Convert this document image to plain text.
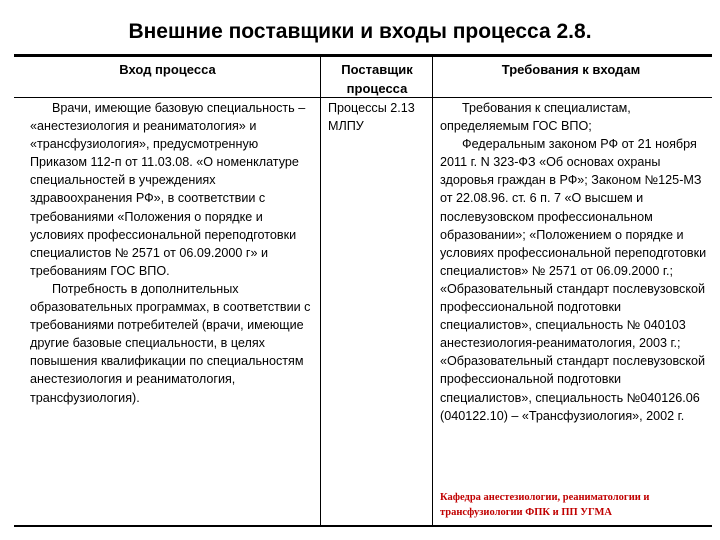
Внешние поставщики и входы процесса 2.8.
Вход процесса	Поставщик процесса
Требования к входам

Врачи, имеющие базовую специальность – «анестезиология и реаниматология» и «трансфузиология», предусмотренную Приказом 112-п от 11.03.08. «О номенклатуре специальностей в учреждениях здравоохранения РФ», в соответствии с требованиями «Положения о порядке и условиях профессиональной переподготовки специалистов № 2571 от 06.09.2000 г» и требованиям ГОС ВПО.

Потребность в дополнительных образовательных программах, в соответствии с требованиями потребителей (врачи, имеющие другие базовые специальности, в целях повышения квалификации по специальностям анестезиология и реаниматология, трансфузиология).

Процессы 2.13 МЛПУ

Требования к специалистам, определяемым ГОС ВПО;

Федеральным законом РФ от 21 ноября 2011 г. N 323-ФЗ «Об основах охраны здоровья граждан в РФ»; Законом №125-МЗ от 22.08.96. ст. 6 п. 7 «О высшем и послевузовском профессиональном образовании»; «Положением о порядке и условиях профессиональной переподготовки специалистов» № 2571 от 06.09.2000 г.; «Образовательный стандарт послевузовской профессиональной подготовки специалистов», специальность № 040103 анестезиология-реаниматология, 2003 г.; «Образовательный стандарт послевузовской профессиональной подготовки специалистов», специальность №040126.06 (040122.10) – «Трансфузиология», 2002 г.

Кафедра анестезиологии, реаниматологии и трансфузиологии ФПК и ПП УГМА
